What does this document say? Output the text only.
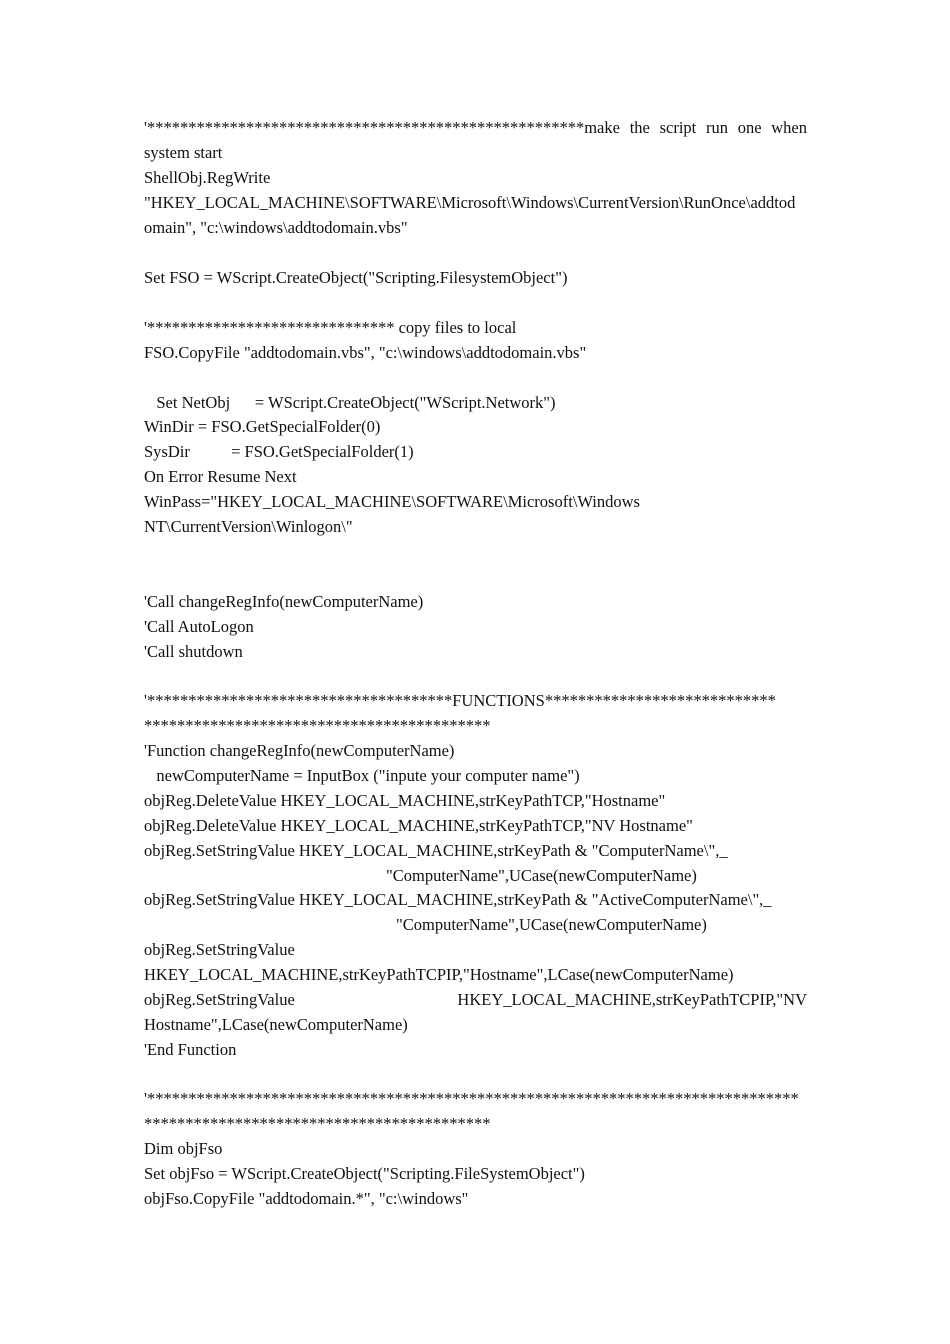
'*****************************************************make the script run one when
system start
ShellObj.RegWrite
"HKEY_LOCAL_MACHINE\SOFTWARE\Microsoft\Windows\CurrentVersion\RunOnce\addtod
omain", "c:\windows\addtodomain.vbs"
Set FSO = WScript.CreateObject("Scripting.FilesystemObject")
'****************************** copy files to local
FSO.CopyFile "addtodomain.vbs", "c:\windows\addtodomain.vbs"
Set NetObj      = WScript.CreateObject("WScript.Network")
WinDir = FSO.GetSpecialFolder(0)
SysDir          = FSO.GetSpecialFolder(1)
On Error Resume Next
WinPass="HKEY_LOCAL_MACHINE\SOFTWARE\Microsoft\Windows
NT\CurrentVersion\Winlogon\"
'Call changeRegInfo(newComputerName)
'Call AutoLogon
'Call shutdown
'*************************************FUNCTIONS****************************
******************************************
'Function changeRegInfo(newComputerName)
newComputerName = InputBox ("inpute your computer name")
objReg.DeleteValue HKEY_LOCAL_MACHINE,strKeyPathTCP,"Hostname"
objReg.DeleteValue HKEY_LOCAL_MACHINE,strKeyPathTCP,"NV Hostname"
objReg.SetStringValue HKEY_LOCAL_MACHINE,strKeyPath & "ComputerName\",_
"ComputerName",UCase(newComputerName)
objReg.SetStringValue HKEY_LOCAL_MACHINE,strKeyPath & "ActiveComputerName\",_
"ComputerName",UCase(newComputerName)
objReg.SetStringValue
HKEY_LOCAL_MACHINE,strKeyPathTCPIP,"Hostname",LCase(newComputerName)
objReg.SetStringValue HKEY_LOCAL_MACHINE,strKeyPathTCPIP,"NV
Hostname",LCase(newComputerName)
'End Function
'*******************************************************************************
******************************************
Dim objFso
Set objFso = WScript.CreateObject("Scripting.FileSystemObject")
objFso.CopyFile "addtodomain.*", "c:\windows"
